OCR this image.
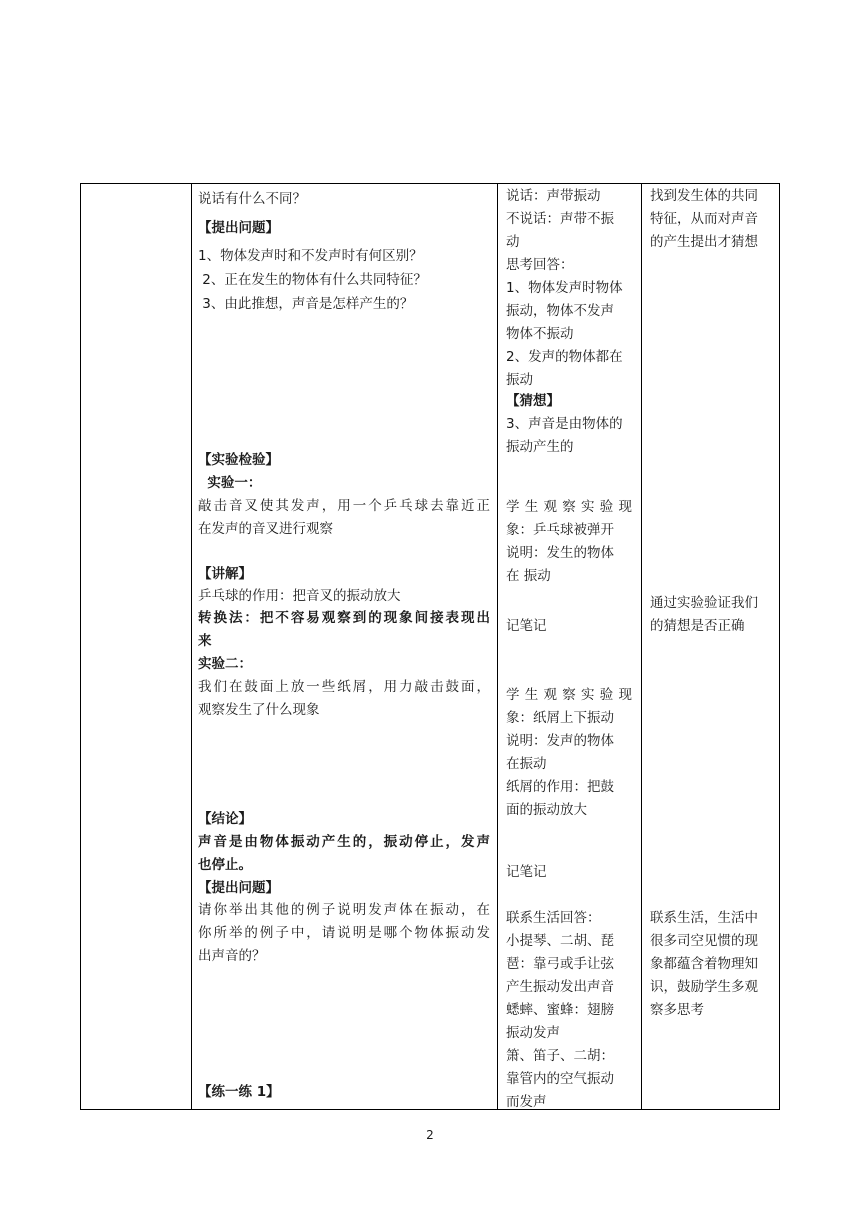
说话有什么不同？
【提出问题】
1、物体发声时和不发声时有何区别？
2、正在发生的物体有什么共同特征？
3、由此推想，声音是怎样产生的？
【实验检验】
实验一：
敲击音叉使其发声，用一个乒乓球去靠近正
在发声的音叉进行观察
【讲解】
乒乓球的作用：把音叉的振动放大
转换法：把不容易观察到的现象间接表现出
来
实验二：
我们在鼓面上放一些纸屑，用力敲击鼓面，
观察发生了什么现象
【结论】
声音是由物体振动产生的，振动停止，发声
也停止。
【提出问题】
请你举出其他的例子说明发声体在振动，在
你所举的例子中，请说明是哪个物体振动发
出声音的？
【练一练 1】
说话：声带振动
不说话：声带不振
动
思考回答：
1、物体发声时物体
振动，物体不发声
物体不振动
2、发声的物体都在
振动
【猜想】
3、声音是由物体的
振动产生的
学生观察实验现
象：乒乓球被弹开
说明：发生的物体
在 振动
记笔记
学生观察实验现
象：纸屑上下振动
说明：发声的物体
在振动
纸屑的作用：把鼓
面的振动放大
记笔记
联系生活回答：
小提琴、二胡、琵
琶：靠弓或手让弦
产生振动发出声音
蟋蟀、蜜蜂：翅膀
振动发声
箫、笛子、二胡：
靠管内的空气振动
而发声
找到发生体的共同
特征，从而对声音
的产生提出才猜想
通过实验验证我们
的猜想是否正确
联系生活，生活中
很多司空见惯的现
象都蕴含着物理知
识，鼓励学生多观
察多思考
2
